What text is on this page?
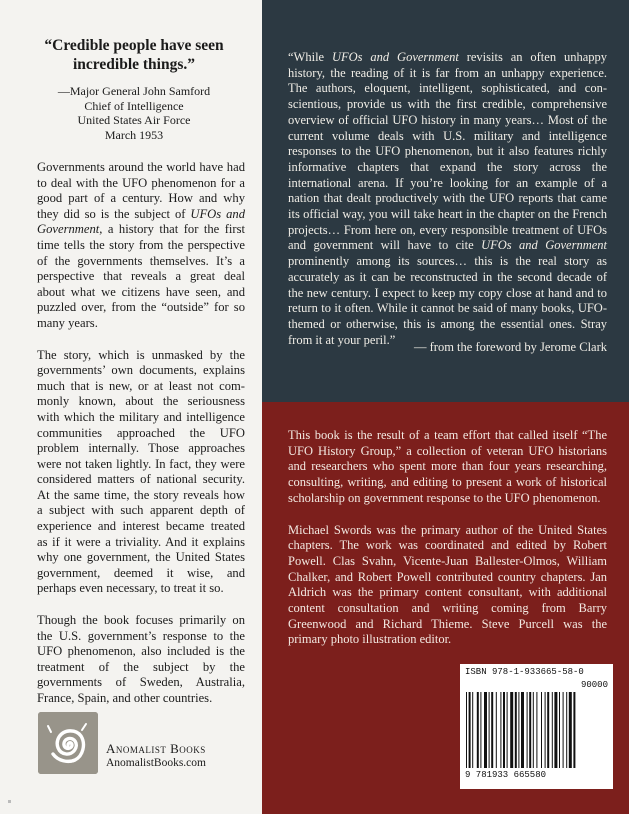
“Credible people have seen incredible things.”

—Major General John Samford
Chief of Intelligence
United States Air Force
March 1953

Governments around the world have had to deal with the UFO phenomenon for a good part of a century. How and why they did so is the subject of UFOs and Government, a history that for the first time tells the story from the perspective of the governments themselves. It’s a perspective that reveals a great deal about what we citizens have seen, and puzzled over, from the “outside” for so many years.

The story, which is unmasked by the governments’ own documents, explains much that is new, or at least not commonly known, about the seriousness with which the military and intelligence communities approached the UFO problem internally. Those approaches were not taken lightly. In fact, they were considered matters of national security. At the same time, the story reveals how a subject with such apparent depth of experience and interest became treated as if it were a triviality. And it explains why one government, the United States government, deemed it wise, and perhaps even necessary, to treat it so.

Though the book focuses primarily on the U.S. government’s response to the UFO phenomenon, also included is the treatment of the subject by the governments of Sweden, Australia, France, Spain, and other countries.

Anomalist Books
AnomalistBooks.com

“While UFOs and Government revisits an often unhappy history, the reading of it is far from an unhappy experience. The authors, eloquent, intelligent, sophisticated, and conscientious, provide us with the first credible, comprehensive overview of official UFO history in many years… Most of the current volume deals with U.S. military and intelligence responses to the UFO phenomenon, but it also features richly informative chapters that expand the story across the international arena. If you’re looking for an example of a nation that dealt productively with the UFO reports that came its official way, you will take heart in the chapter on the French projects… From here on, every responsible treatment of UFOs and government will have to cite UFOs and Government prominently among its sources… this is the real story as accurately as it can be reconstructed in the second decade of the new century. I expect to keep my copy close at hand and to return to it often. While it cannot be said of many books, UFO-themed or otherwise, this is among the essential ones. Stray from it at your peril.”

— from the foreword by Jerome Clark

This book is the result of a team effort that called itself “The UFO History Group,” a collection of veteran UFO historians and researchers who spent more than four years researching, consulting, writing, and editing to present a work of historical scholarship on government response to the UFO phenomenon.

Michael Swords was the primary author of the United States chapters. The work was coordinated and edited by Robert Powell. Clas Svahn, Vicente-Juan Ballester-Olmos, William Chalker, and Robert Powell contributed country chapters. Jan Aldrich was the primary content consultant, with additional content consultation and writing coming from Barry Greenwood and Richard Thieme. Steve Purcell was the primary photo illustration editor.

ISBN 978-1-933665-58-0
90000
9 781933 665580
